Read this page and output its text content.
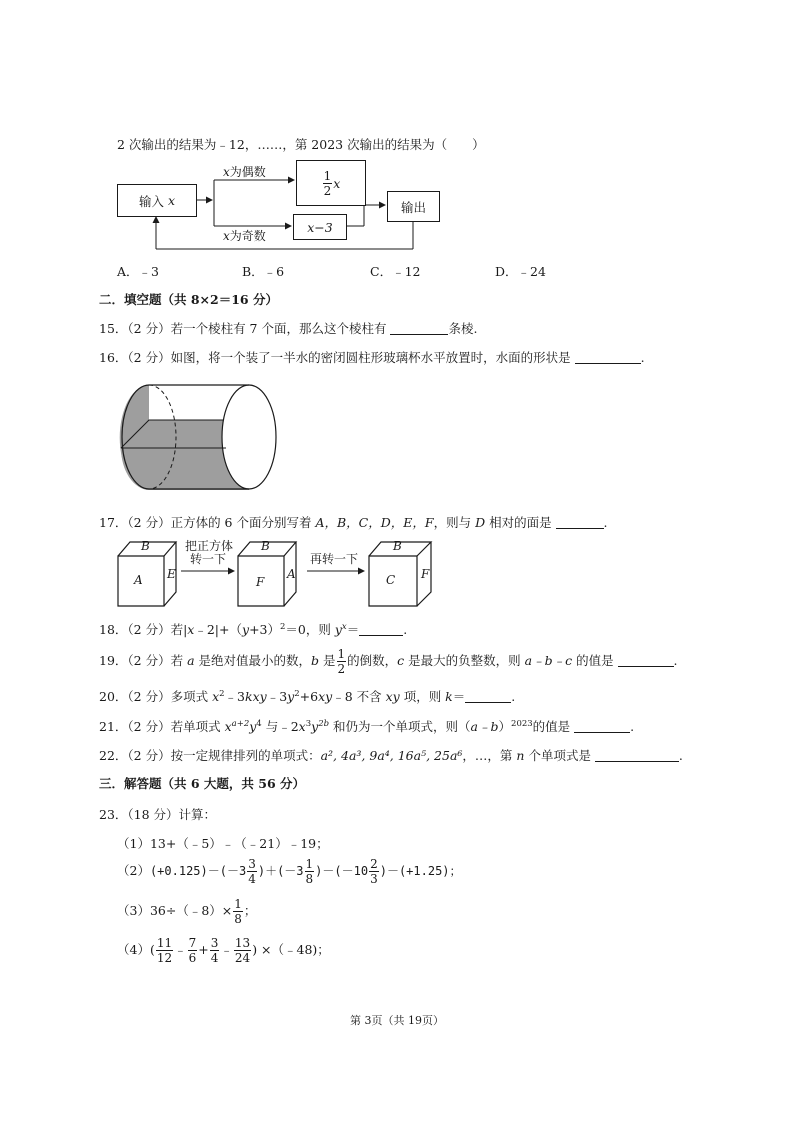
2 次输出的结果为﹣12，……，第 2023 次输出的结果为（　　）
输入
x
x为偶数
x为奇数
$\frac{1}{2}$ x
x−3
输出
A．﹣3	B．﹣6	C．﹣12	D．﹣24
二．填空题（共 8×2＝16 分）
15．（2 分）若一个棱柱有 7 个面，那么这个棱柱有	条棱.
16．（2 分）如图，将一个装了一半水的密闭圆柱形玻璃杯水平放置时，水面的形状是	.
17．（2 分）正方体的 6 个面分别写着 A，B，C，D，E，F，则与 D 相对的面是	.
B
A E
把正方体
转一下
B
F
A
再转一下
B
C F
18．（2 分）若$|x﹣2|+(y+3)^2=0$，则 $y^x=$	.
19．（2 分）若 a 是绝对值最小的数，b 是 $\frac{1}{2}$ 的倒数，c 是最大的负整数，则 a﹣b﹣c 的值是	.
20．（2 分）多项式 $x^2﹣3kxy﹣3y^2+6xy﹣8$ 不含 xy 项，则 k＝	.
21．（2 分）若单项式 $x^{a+2}y^4$ 与$﹣2x^3y^{2b}$ 和仍为一个单项式，则（a﹣b）$^{2023}$的值是	.
22．（2 分）按一定规律排列的单项式：a², 4a³, 9a⁴, 16a⁵, 25a⁶，…，第 n 个单项式是	.
三．解答题（共 6 大题，共 56 分）
23．（18 分）计算：
（1）13+（﹣5）﹣（﹣21）﹣19；
$(2)(+0.125)-(-3 \frac{3}{4} )+(-3 \frac{1}{8} )-(-10 \frac{2}{3} )-(+1.25)$；
（3）36÷（﹣8）× $\frac{1}{8}$ ；
$(4)( \frac{11}{12}$ ﹣ $\frac{7}{6} + \frac{3}{4}$ ﹣ $\frac{13}{24}$ ) ×（﹣48)；
第 3页（共 19页）
